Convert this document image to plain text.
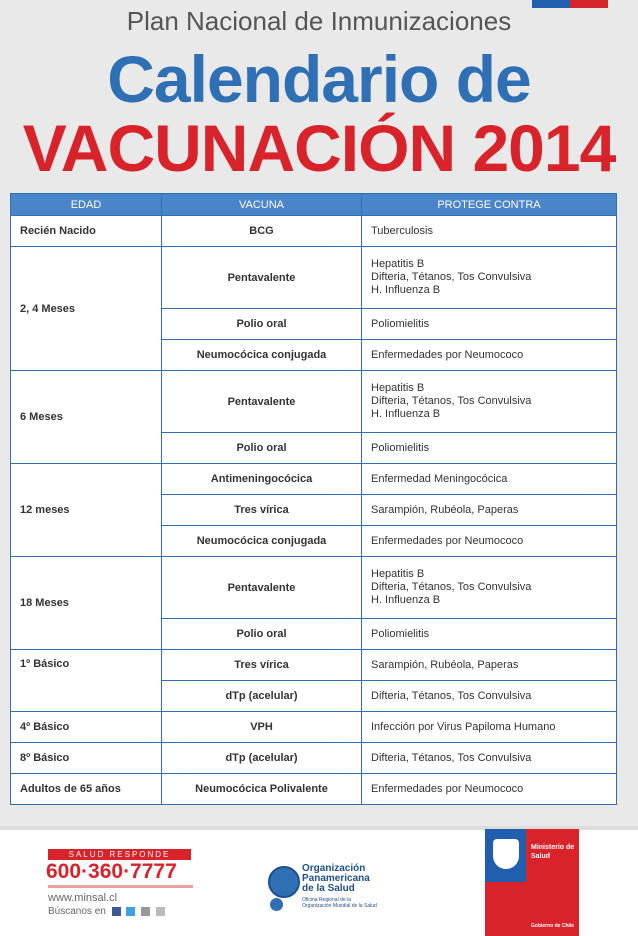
Plan Nacional de Inmunizaciones
Calendario de
VACUNACIÓN 2014
EDAD	VACUNA	PROTEGE CONTRA
Recién Nacido	BCG	Tuberculosis

2, 4 Meses	Pentavalente	Hepatitis B
Difteria, Tétanos, Tos Convulsiva
H. Influenza B

	Polio oral	Poliomielitis

	Neumocócica conjugada	Enfermedades por Neumococo

6 Meses	Pentavalente	Hepatitis B
Difteria, Tétanos, Tos Convulsiva
H. Influenza B

	Polio oral	Poliomielitis

12 meses	Antimeningocócica	Enfermedad Meningocócica

	Tres vírica	Sarampión, Rubéola, Paperas

	Neumocócica conjugada	Enfermedades por Neumococo

18 Meses	Pentavalente	Hepatitis B
Difteria, Tétanos, Tos Convulsiva
H. Influenza B

	Polio oral	Poliomielitis

1º Básico	Tres vírica	Sarampión, Rubéola, Paperas

	dTp (acelular)	Difteria, Tétanos, Tos Convulsiva

4º Básico	VPH	Infección por Virus Papiloma Humano

8º Básico	dTp (acelular)	Difteria, Tétanos, Tos Convulsiva

Adultos de 65 años	Neumocócica Polivalente	Enfermedades por Neumococo
SALUD RESPONDE
600·360·7777
www.minsal.cl
Búscanos en
Organización
Panamericana
de la Salud
Oficina Regional de la
Organización Mundial de la Salud
Ministerio de
Salud
Gobierno de Chile
